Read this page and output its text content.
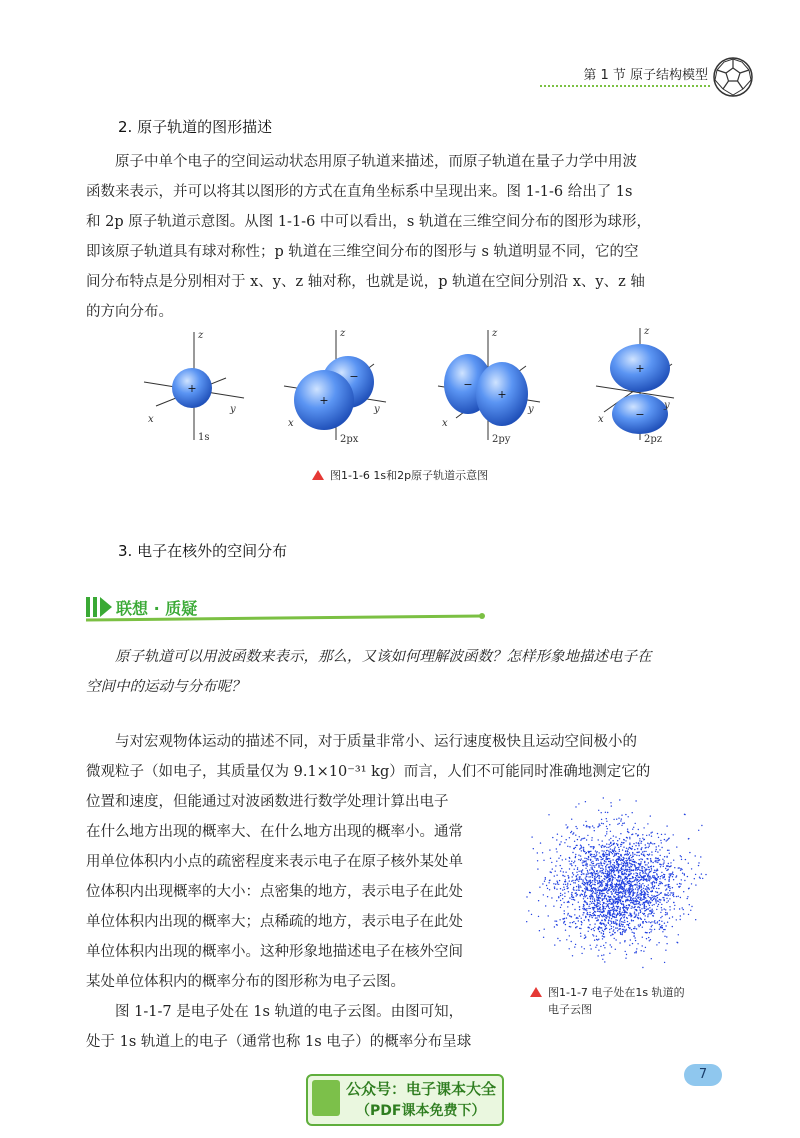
第 1 节 原子结构模型
2. 原子轨道的图形描述
原子中单个电子的空间运动状态用原子轨道来描述，而原子轨道在量子力学中用波
函数来表示，并可以将其以图形的方式在直角坐标系中呈现出来。图 1-1-6 给出了 1s
和 2p 原子轨道示意图。从图 1-1-6 中可以看出，s 轨道在三维空间分布的图形为球形，
即该原子轨道具有球对称性；p 轨道在三维空间分布的图形与 s 轨道明显不同，它的空
间分布特点是分别相对于 x、y、z 轴对称，也就是说，p 轨道在空间分别沿 x、y、z 轴
的方向分布。
+
z
x
y
1s
+
−
z
x
y
2px
−
+
z
x
y
2py
+
−
z
x
y
2pz
图1-1-6 1s和2p原子轨道示意图
3. 电子在核外的空间分布
联想 · 质疑
原子轨道可以用波函数来表示，那么，又该如何理解波函数？怎样形象地描述电子在
空间中的运动与分布呢？
与对宏观物体运动的描述不同，对于质量非常小、运行速度极快且运动空间极小的
微观粒子（如电子，其质量仅为 9.1×10⁻³¹ kg）而言，人们不可能同时准确地测定它的
位置和速度，但能通过对波函数进行数学处理计算出电子
在什么地方出现的概率大、在什么地方出现的概率小。通常
用单位体积内小点的疏密程度来表示电子在原子核外某处单
位体积内出现概率的大小：点密集的地方，表示电子在此处
单位体积内出现的概率大；点稀疏的地方，表示电子在此处
单位体积内出现的概率小。这种形象地描述电子在核外空间
某处单位体积内的概率分布的图形称为电子云图。
图 1-1-7 是电子处在 1s 轨道的电子云图。由图可知，
处于 1s 轨道上的电子（通常也称 1s 电子）的概率分布呈球
图1-1-7 电子处在1s 轨道的
电子云图
7
公众号：电子课本大全
（PDF课本免费下）
